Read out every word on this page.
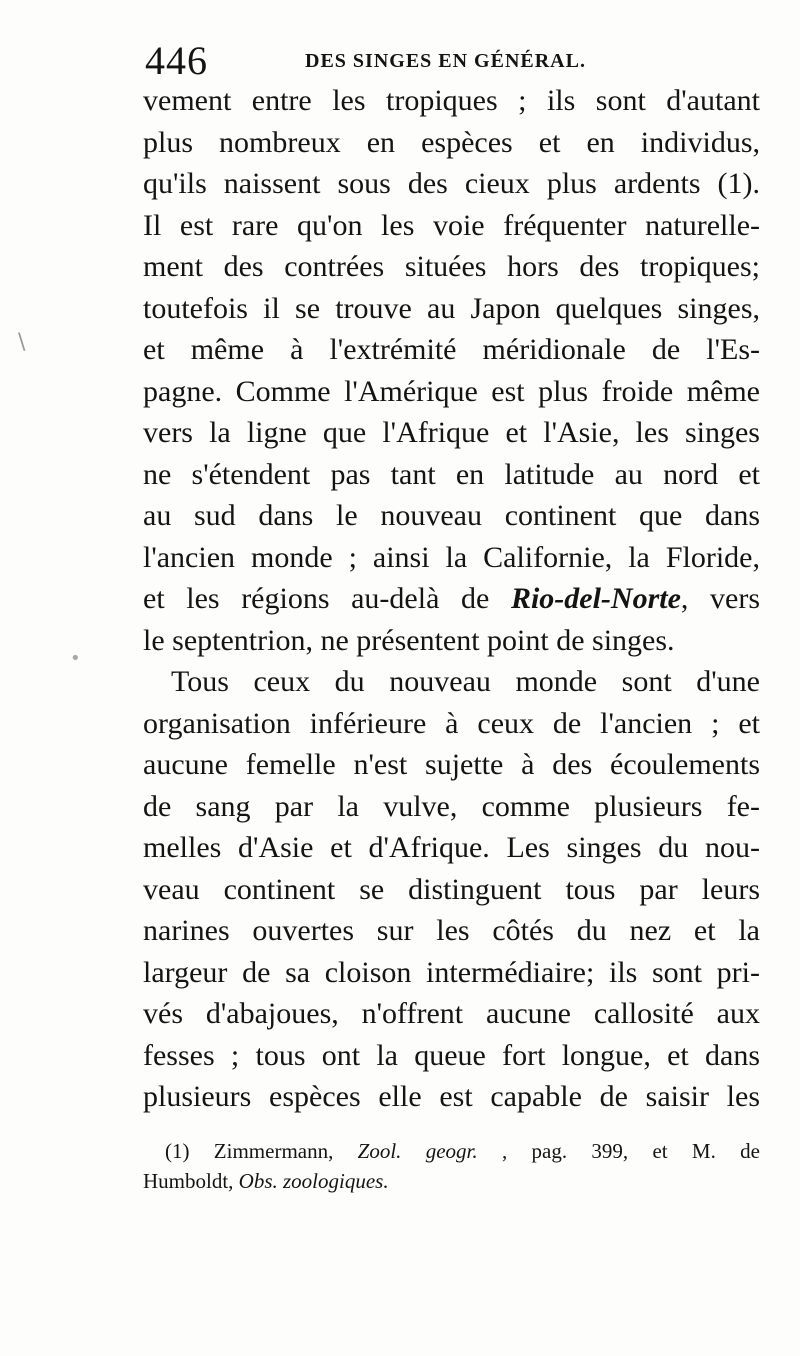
446	DES SINGES EN GÉNÉRAL.
vement entre les tropiques ; ils sont d'autant
plus nombreux en espèces et en individus,
qu'ils naissent sous des cieux plus ardents (1).
Il est rare qu'on les voie fréquenter naturelle-
ment des contrées situées hors des tropiques;
toutefois il se trouve au Japon quelques singes,
et même à l'extrémité méridionale de l'Es-
pagne. Comme l'Amérique est plus froide même
vers la ligne que l'Afrique et l'Asie, les singes
ne s'étendent pas tant en latitude au nord et
au sud dans le nouveau continent que dans
l'ancien monde ; ainsi la Californie, la Floride,
et les régions au-delà de Rio-del-Norte, vers
le septentrion, ne présentent point de singes.
Tous ceux du nouveau monde sont d'une
organisation inférieure à ceux de l'ancien ; et
aucune femelle n'est sujette à des écoulements
de sang par la vulve, comme plusieurs fe-
melles d'Asie et d'Afrique. Les singes du nou-
veau continent se distinguent tous par leurs
narines ouvertes sur les côtés du nez et la
largeur de sa cloison intermédiaire; ils sont pri-
vés d'abajoues, n'offrent aucune callosité aux
fesses ; tous ont la queue fort longue, et dans
plusieurs espèces elle est capable de saisir les
(1) Zimmermann, Zool. geogr. , pag. 399, et M. de
Humboldt, Obs. zoologiques.
\
•
